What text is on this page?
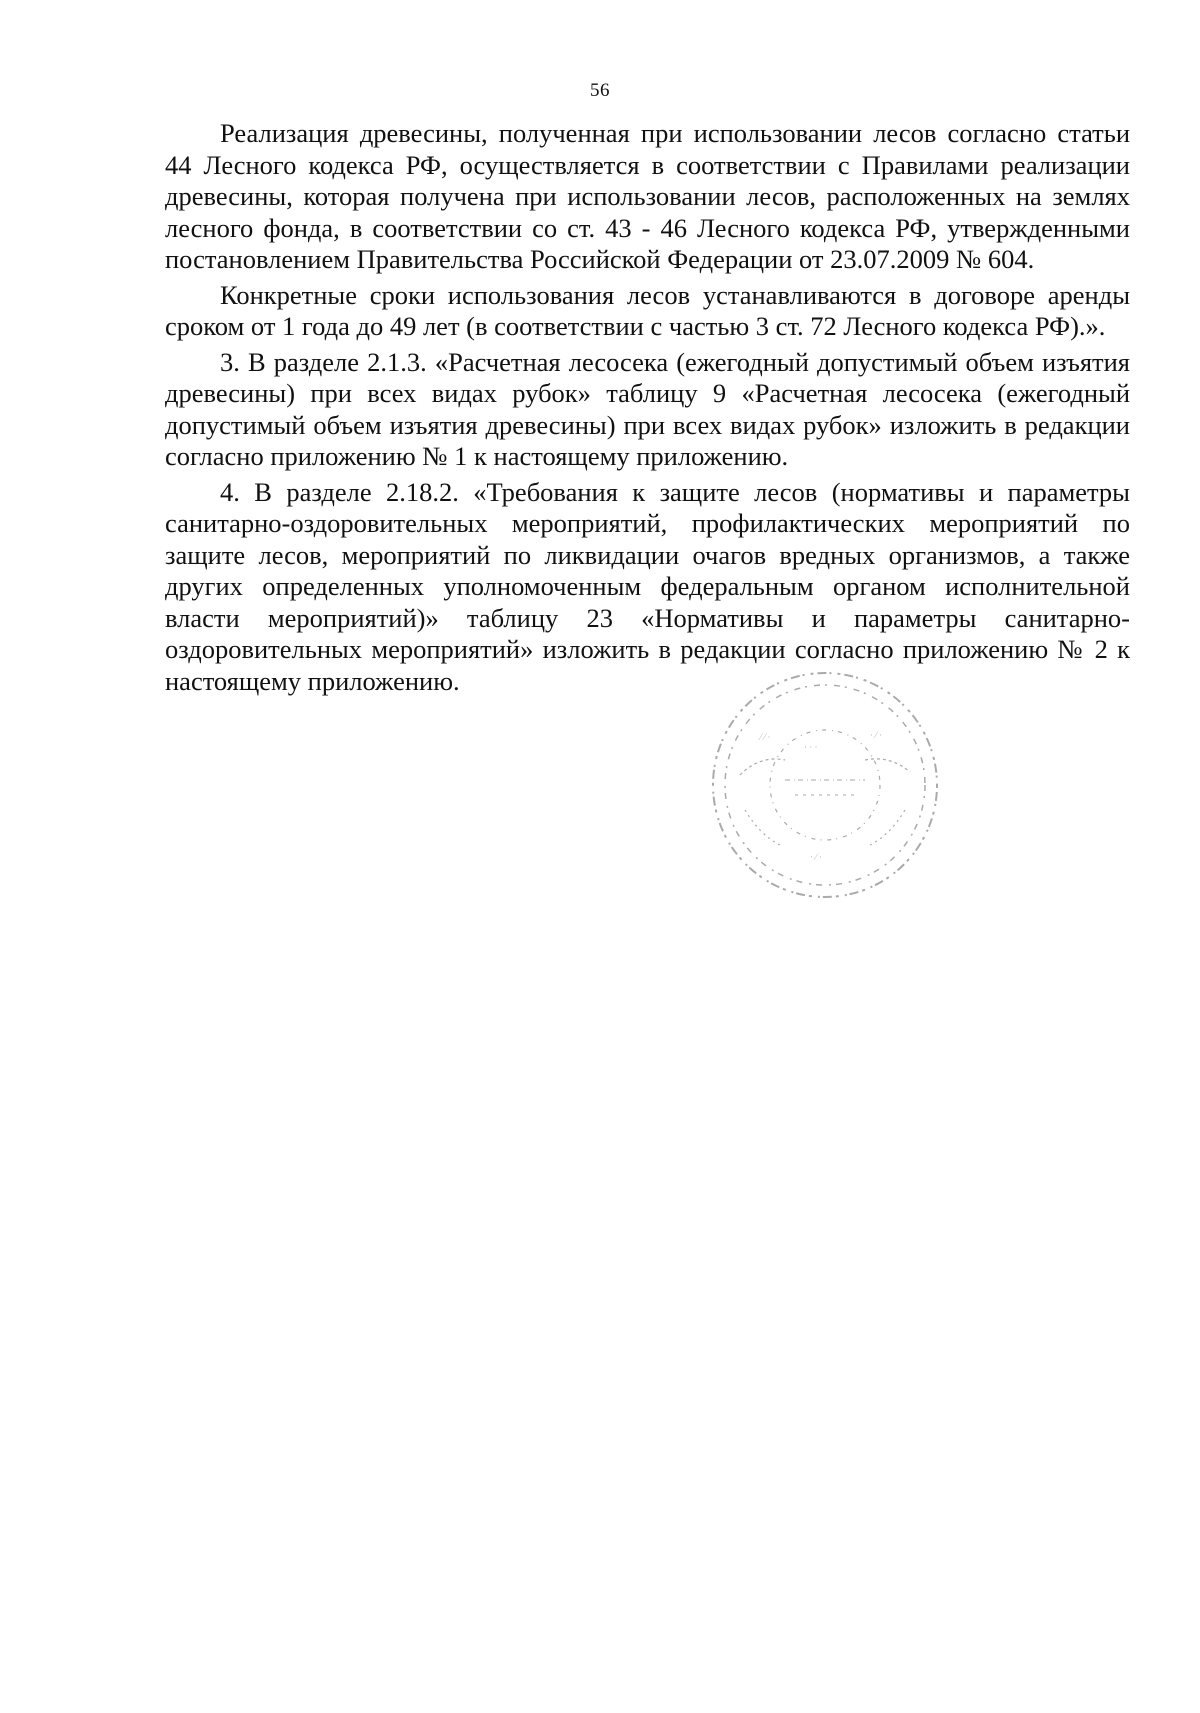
56

Реализация древесины, полученная при использовании лесов согласно статьи 44 Лесного кодекса РФ, осуществляется в соответствии с Правилами реализации древесины, которая получена при использовании лесов, расположенных на землях лесного фонда, в соответствии со ст. 43 - 46 Лесного кодекса РФ, утвержденными постановлением Правительства Российской Федерации от 23.07.2009 № 604.

Конкретные сроки использования лесов устанавливаются в договоре аренды сроком от 1 года до 49 лет (в соответствии с частью 3 ст. 72 Лесного кодекса РФ).».

3. В разделе 2.1.3. «Расчетная лесосека (ежегодный допустимый объем изъятия древесины) при всех видах рубок» таблицу 9 «Расчетная лесосека (ежегодный допустимый объем изъятия древесины) при всех видах рубок» изложить в редакции согласно приложению № 1 к настоящему приложению.

4. В разделе 2.18.2. «Требования к защите лесов (нормативы и параметры санитарно-оздоровительных мероприятий, профилактических мероприятий по защите лесов, мероприятий по ликвидации очагов вредных организмов, а также других определенных уполномоченным федеральным органом исполнительной власти мероприятий)» таблицу 23 «Нормативы и параметры санитарно-оздоровительных мероприятий» изложить в редакции согласно приложению № 2 к настоящему приложению.

· · ·
⁄ ⁄ ·	· ⁄ ·
· ⁄ ·
